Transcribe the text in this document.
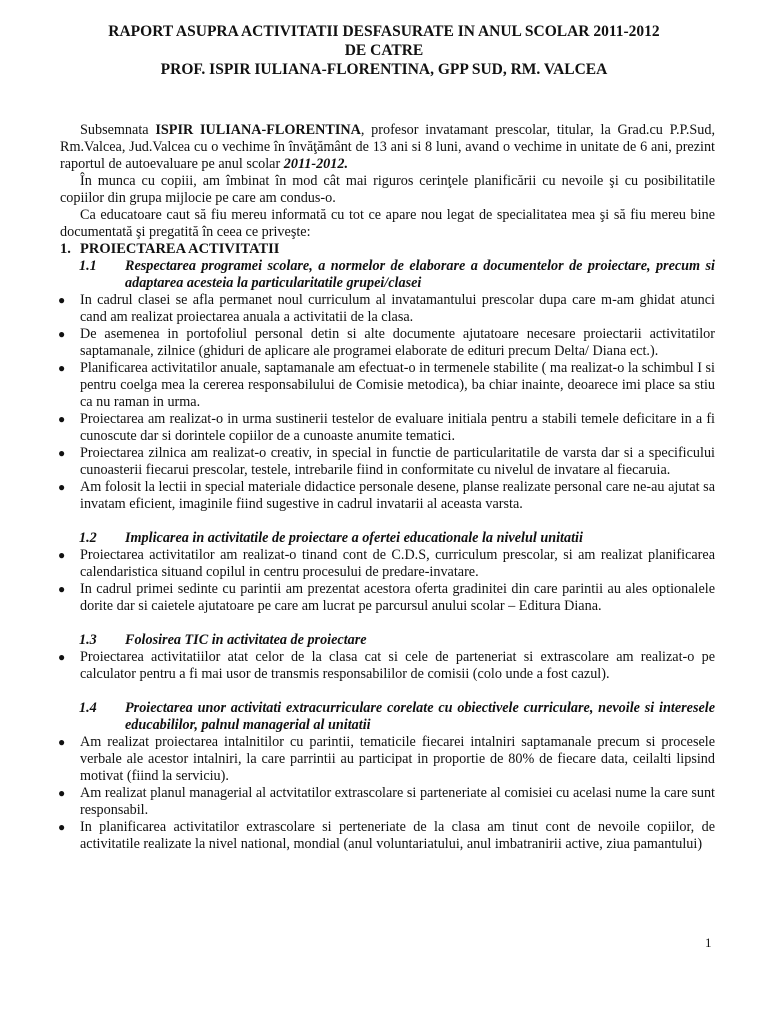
RAPORT ASUPRA ACTIVITATII DESFASURATE IN ANUL SCOLAR 2011-2012
DE CATRE
PROF. ISPIR IULIANA-FLORENTINA, GPP SUD, RM. VALCEA

Subsemnata ISPIR IULIANA-FLORENTINA, profesor invatamant prescolar, titular, la Grad.cu P.P.Sud, Rm.Valcea, Jud.Valcea cu o vechime în învăţământ de 13 ani si 8 luni, avand o vechime in unitate de 6 ani, prezint raportul de autoevaluare pe anul scolar 2011-2012.

În munca cu copiii, am îmbinat în mod cât mai riguros cerinţele planificării cu nevoile şi cu posibilitatile copiilor din grupa mijlocie pe care am condus-o.

Ca educatoare caut să fiu mereu informată cu tot ce apare nou legat de specialitatea mea şi să fiu mereu bine documentată şi pregatită în ceea ce priveşte:

1. PROIECTAREA ACTIVITATII
1.1 Respectarea programei scolare, a normelor de elaborare a documentelor de proiectare, precum si adaptarea acesteia la particularitatile grupei/clasei
● In cadrul clasei se afla permanet noul curriculum al invatamantului prescolar dupa care m-am ghidat atunci cand am realizat proiectarea anuala a activitatii de la clasa.
● De asemenea in portofoliul personal detin si alte documente ajutatoare necesare proiectarii activitatilor saptamanale, zilnice (ghiduri de aplicare ale programei elaborate de edituri precum Delta/ Diana ect.).
● Planificarea activitatilor anuale, saptamanale am efectuat-o in termenele stabilite ( ma realizat-o la schimbul I si pentru coelga mea la cererea responsabilului de Comisie metodica), ba chiar inainte, deoarece imi place sa stiu ca nu raman in urma.
● Proiectarea am realizat-o in urma sustinerii testelor de evaluare initiala pentru a stabili temele deficitare in a fi cunoscute dar si dorintele copiilor de a cunoaste anumite tematici.
● Proiectarea zilnica am realizat-o creativ, in special in functie de particularitatile de varsta dar si a specificului cunoasterii fiecarui prescolar, testele, intrebarile fiind in conformitate cu nivelul de invatare al fiecaruia.
● Am folosit la lectii in special materiale didactice personale desene, planse realizate personal care ne-au ajutat sa invatam eficient, imaginile fiind sugestive in cadrul invatarii al aceasta varsta.
1.2 Implicarea in activitatile de proiectare a ofertei educationale la nivelul unitatii
● Proiectarea activitatilor am realizat-o tinand cont de C.D.S, curriculum prescolar, si am realizat planificarea calendaristica situand copilul in centru procesului de predare-invatare.
● In cadrul primei sedinte cu parintii am prezentat acestora oferta gradinitei din care parintii au ales optionalele dorite dar si caietele ajutatoare pe care am lucrat pe parcursul anului scolar – Editura Diana.
1.3 Folosirea TIC in activitatea de proiectare
● Proiectarea activitatiilor atat celor de la clasa cat si cele de parteneriat si extrascolare am realizat-o pe calculator pentru a fi mai usor de transmis responsabililor de comisii (colo unde a fost cazul).
1.4 Proiectarea unor activitati extracurriculare corelate cu obiectivele curriculare, nevoile si interesele educabililor, palnul managerial al unitatii
● Am realizat proiectarea intalnitilor cu parintii, tematicile fiecarei intalniri saptamanale precum si procesele verbale ale acestor intalniri, la care parrintii au participat in proportie de 80% de fiecare data, ceilalti lipsind motivat (fiind la serviciu).
● Am realizat planul managerial al actvitatilor extrascolare si parteneriate al comisiei cu acelasi nume la care sunt responsabil.
● In planificarea activitatilor extrascolare si perteneriate de la clasa am tinut cont de nevoile copiilor, de activitatile realizate la nivel national, mondial (anul voluntariatului, anul imbatranirii active, ziua pamantului)
1
